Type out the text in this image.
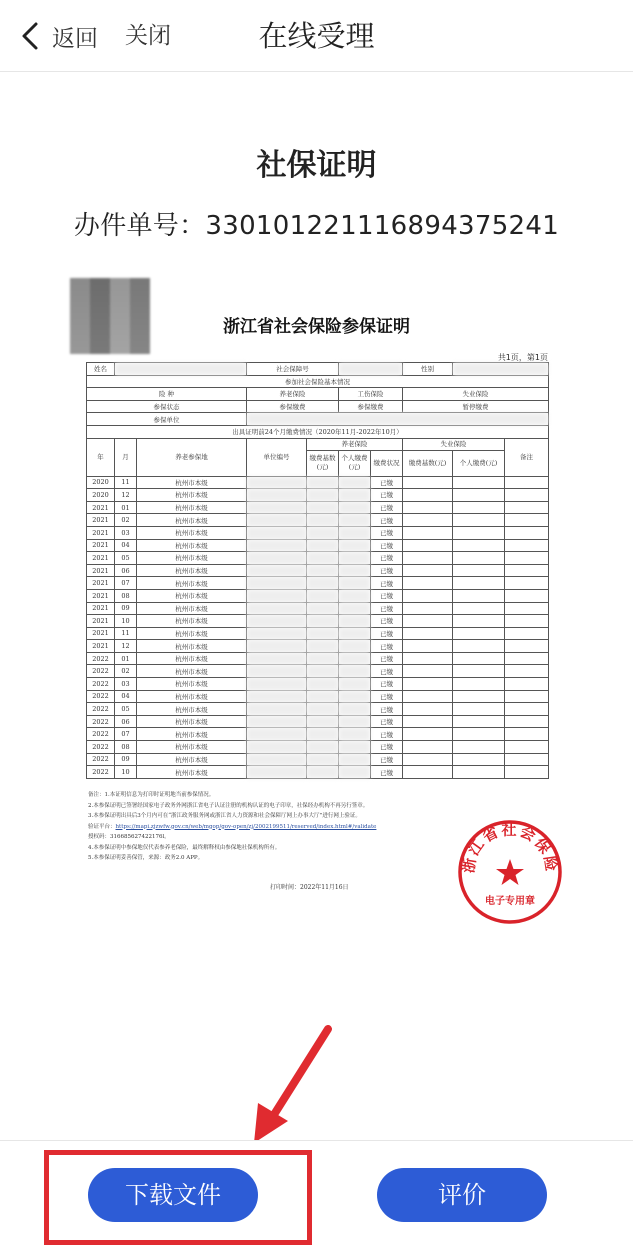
返回 关闭	在线受理
社保证明
办件单号：330101221116894375241
浙江省社会保险参保证明
共1页，第1页
姓名			社会保障号				性别	
参加社会保险基本情况									
险 种			养老保险		工伤保险		失业保险		
参保状态			参保缴费		参保缴费		暂停缴费		
参保单位	
出具证明前24个月缴费情况（2020年11月-2022年10月）									
年	月	养老参保地	单位编号	养老保险			失业保险		备注
				缴费基数(元)	个人缴费(元)	缴费状况	缴费基数(元)	个人缴费(元)	
2020	11	杭州市本级				已缴			
2020	12	杭州市本级				已缴			
2021	01	杭州市本级				已缴			
2021	02	杭州市本级				已缴			
2021	03	杭州市本级				已缴			
2021	04	杭州市本级				已缴			
2021	05	杭州市本级				已缴			
2021	06	杭州市本级				已缴			
2021	07	杭州市本级				已缴			
2021	08	杭州市本级				已缴			
2021	09	杭州市本级				已缴			
2021	10	杭州市本级				已缴			
2021	11	杭州市本级				已缴			
2021	12	杭州市本级				已缴			
2022	01	杭州市本级				已缴			
2022	02	杭州市本级				已缴			
2022	03	杭州市本级				已缴			
2022	04	杭州市本级				已缴			
2022	05	杭州市本级				已缴			
2022	06	杭州市本级				已缴			
2022	07	杭州市本级				已缴			
2022	08	杭州市本级				已缴			
2022	09	杭州市本级				已缴			
2022	10	杭州市本级				已缴			
备注：1.本证明信息为打印时证明地当前参保情况。
2.本参保证明已签署经国家电子政务外网浙江省电子认证注册的机构认证的电子印章，社保经办机构不再另行签章。
3.本参保证明出具后3个月内可在“浙江政务服务网或浙江省人力资源和社会保障厅网上办事大厅”进行网上验证。
验证平台：https://mapi.zjzwfw.gov.cn/web/mgop/gov-open/zj/2002199511/reserved/index.html#/validate
授权码：316685627422176l。
4.本参保证明中参保地仅代表参养老保险，最终解释权由参保地社保机构所有。
5.本参保证明妥善保管，来源：政务2.0 APP。
打印时间：2022年11月16日
浙江省社会保险
电子专用章
下载文件	评价
